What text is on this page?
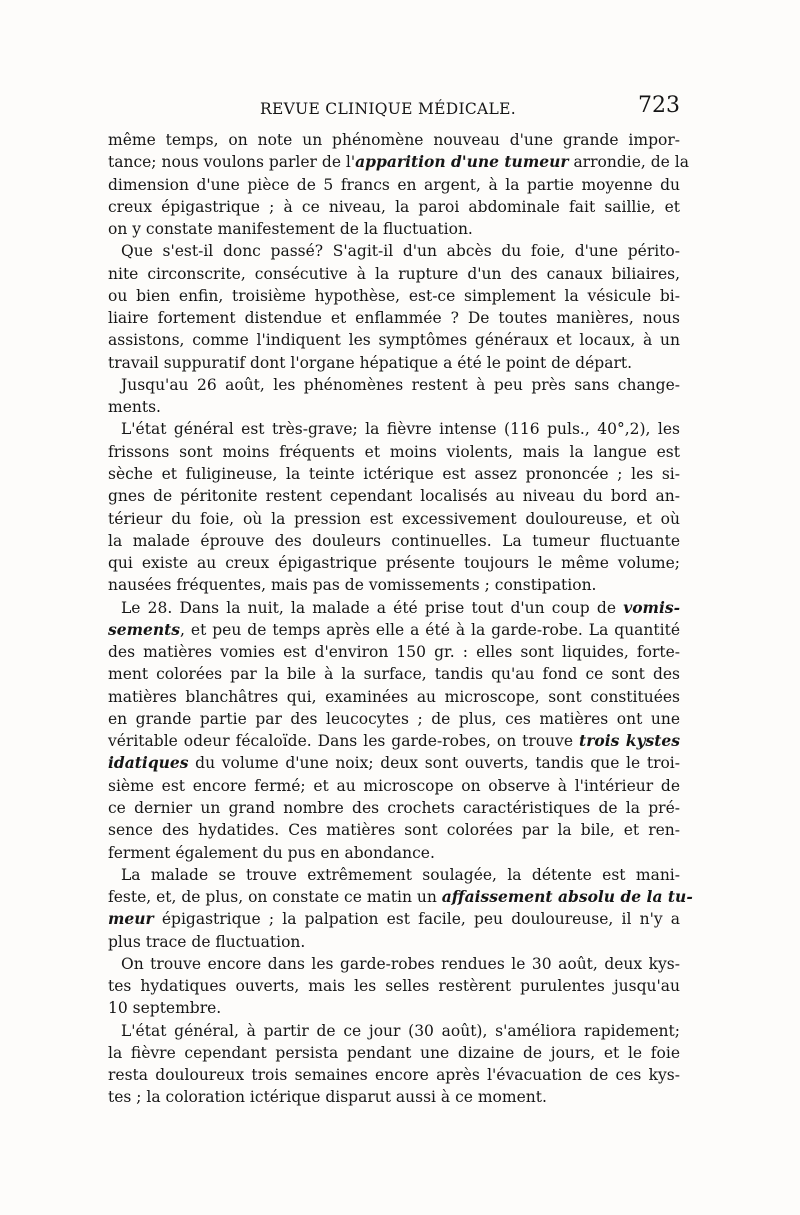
REVUE CLINIQUE MÉDICALE.	723
même temps, on note un phénomène nouveau d'une grande impor-
tance; nous voulons parler de l'apparition d'une tumeur arrondie, de la
dimension d'une pièce de 5 francs en argent, à la partie moyenne du
creux épigastrique ; à ce niveau, la paroi abdominale fait saillie, et
on y constate manifestement de la fluctuation.
Que s'est-il donc passé? S'agit-il d'un abcès du foie, d'une périto-
nite circonscrite, consécutive à la rupture d'un des canaux biliaires,
ou bien enfin, troisième hypothèse, est-ce simplement la vésicule bi-
liaire fortement distendue et enflammée ? De toutes manières, nous
assistons, comme l'indiquent les symptômes généraux et locaux, à un
travail suppuratif dont l'organe hépatique a été le point de départ.
Jusqu'au 26 août, les phénomènes restent à peu près sans change-
ments.
L'état général est très-grave; la fièvre intense (116 puls., 40°,2), les
frissons sont moins fréquents et moins violents, mais la langue est
sèche et fuligineuse, la teinte ictérique est assez prononcée ; les si-
gnes de péritonite restent cependant localisés au niveau du bord an-
térieur du foie, où la pression est excessivement douloureuse, et où
la malade éprouve des douleurs continuelles. La tumeur fluctuante
qui existe au creux épigastrique présente toujours le même volume;
nausées fréquentes, mais pas de vomissements ; constipation.
Le 28. Dans la nuit, la malade a été prise tout d'un coup de vomis-
sements, et peu de temps après elle a été à la garde-robe. La quantité
des matières vomies est d'environ 150 gr. : elles sont liquides, forte-
ment colorées par la bile à la surface, tandis qu'au fond ce sont des
matières blanchâtres qui, examinées au microscope, sont constituées
en grande partie par des leucocytes ; de plus, ces matières ont une
véritable odeur fécaloïde. Dans les garde-robes, on trouve trois kystes
idatiques du volume d'une noix; deux sont ouverts, tandis que le troi-
sième est encore fermé; et au microscope on observe à l'intérieur de
ce dernier un grand nombre des crochets caractéristiques de la pré-
sence des hydatides. Ces matières sont colorées par la bile, et ren-
ferment également du pus en abondance.
La malade se trouve extrêmement soulagée, la détente est mani-
feste, et, de plus, on constate ce matin un affaissement absolu de la tu-
meur épigastrique ; la palpation est facile, peu douloureuse, il n'y a
plus trace de fluctuation.
On trouve encore dans les garde-robes rendues le 30 août, deux kys-
tes hydatiques ouverts, mais les selles restèrent purulentes jusqu'au
10 septembre.
L'état général, à partir de ce jour (30 août), s'améliora rapidement;
la fièvre cependant persista pendant une dizaine de jours, et le foie
resta douloureux trois semaines encore après l'évacuation de ces kys-
tes ; la coloration ictérique disparut aussi à ce moment.
